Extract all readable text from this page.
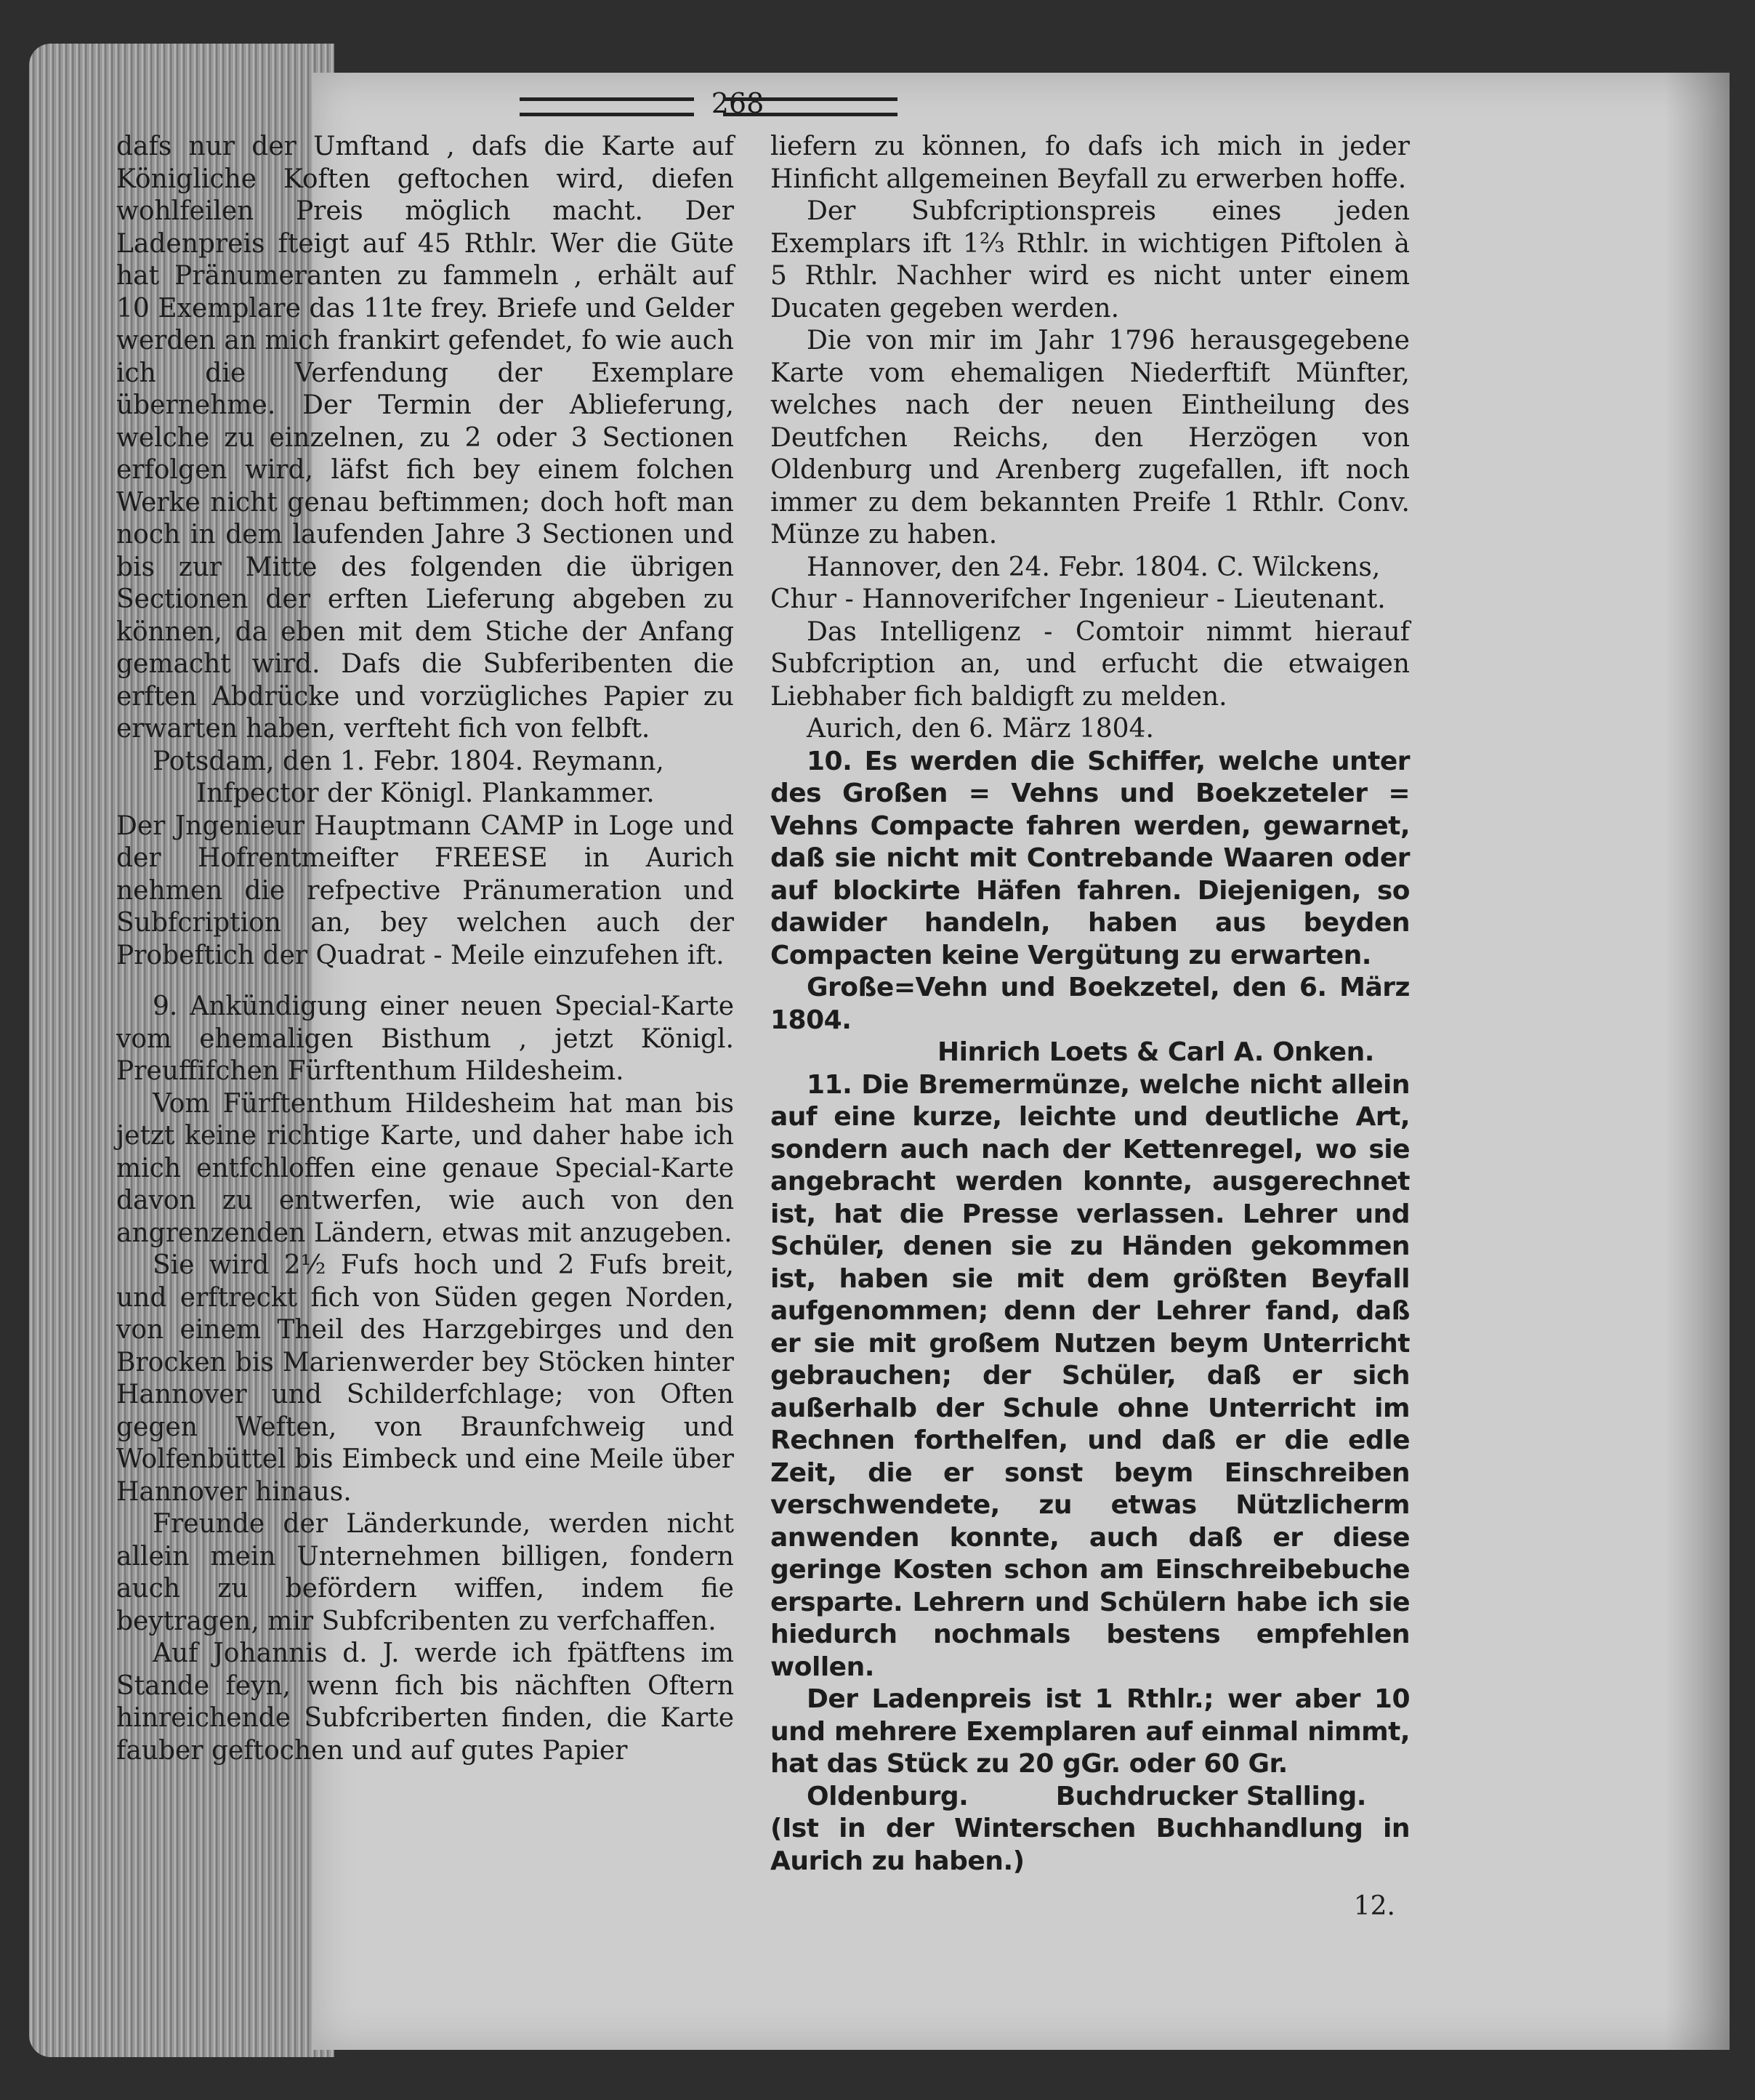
268

dafs nur der Umftand , dafs die Karte auf Königliche Koften geftochen wird, diefen wohlfeilen Preis möglich macht. Der Ladenpreis fteigt auf 45 Rthlr. Wer die Güte hat Pränumeranten zu fammeln , erhält auf 10 Exemplare das 11te frey. Briefe und Gelder werden an mich frankirt gefendet, fo wie auch ich die Verfendung der Exemplare übernehme. Der Termin der Ablieferung, welche zu einzelnen, zu 2 oder 3 Sectionen erfolgen wird, läfst fich bey einem folchen Werke nicht genau beftimmen; doch hoft man noch in dem laufenden Jahre 3 Sectionen und bis zur Mitte des folgenden die übrigen Sectionen der erften Lieferung abgeben zu können, da eben mit dem Stiche der Anfang gemacht wird. Dafs die Subferibenten die erften Abdrücke und vorzügliches Papier zu erwarten haben, verfteht fich von felbft.

Potsdam, den 1. Febr. 1804. Reymann,

Infpector der Königl. Plankammer.

Der Jngenieur Hauptmann CAMP in Loge und der Hofrentmeifter FREESE in Aurich nehmen die refpective Pränumeration und Subfcription an, bey welchen auch der Probeftich der Quadrat - Meile einzufehen ift.

9. Ankündigung einer neuen Special-Karte vom ehemaligen Bisthum , jetzt Königl. Preuffifchen Fürftenthum Hildesheim.

Vom Fürftenthum Hildesheim hat man bis jetzt keine richtige Karte, und daher habe ich mich entfchloffen eine genaue Special-Karte davon zu entwerfen, wie auch von den angrenzenden Ländern, etwas mit anzugeben.

Sie wird 2½ Fufs hoch und 2 Fufs breit, und erftreckt fich von Süden gegen Norden, von einem Theil des Harzgebirges und den Brocken bis Marienwerder bey Stöcken hinter Hannover und Schilderfchlage; von Often gegen Weften, von Braunfchweig und Wolfenbüttel bis Eimbeck und eine Meile über Hannover hinaus.

Freunde der Länderkunde, werden nicht allein mein Unternehmen billigen, fondern auch zu befördern wiffen, indem fie beytragen, mir Subfcribenten zu verfchaffen.

Auf Johannis d. J. werde ich fpätftens im Stande feyn, wenn fich bis nächften Oftern hinreichende Subfcriberten finden, die Karte fauber geftochen und auf gutes Papier

liefern zu können, fo dafs ich mich in jeder Hinficht allgemeinen Beyfall zu erwerben hoffe.

Der Subfcriptionspreis eines jeden Exemplars ift 1⅔ Rthlr. in wichtigen Piftolen à 5 Rthlr. Nachher wird es nicht unter einem Ducaten gegeben werden.

Die von mir im Jahr 1796 herausgegebene Karte vom ehemaligen Niederftift Münfter, welches nach der neuen Eintheilung des Deutfchen Reichs, den Herzögen von Oldenburg und Arenberg zugefallen, ift noch immer zu dem bekannten Preife 1 Rthlr. Conv. Münze zu haben.

Hannover, den 24. Febr. 1804. C. Wilckens,

Chur - Hannoverifcher Ingenieur - Lieutenant.

Das Intelligenz - Comtoir nimmt hierauf Subfcription an, und erfucht die etwaigen Liebhaber fich baldigft zu melden.

Aurich, den 6. März 1804.

10. Es werden die Schiffer, welche unter des Großen = Vehns und Boekzeteler = Vehns Compacte fahren werden, gewarnet, daß sie nicht mit Contrebande Waaren oder auf blockirte Häfen fahren. Diejenigen, so dawider handeln, haben aus beyden Compacten keine Vergütung zu erwarten.

Große=Vehn und Boekzetel, den 6. März 1804.

Hinrich Loets & Carl A. Onken.

11. Die Bremermünze, welche nicht allein auf eine kurze, leichte und deutliche Art, sondern auch nach der Kettenregel, wo sie angebracht werden konnte, ausgerechnet ist, hat die Presse verlassen. Lehrer und Schüler, denen sie zu Händen gekommen ist, haben sie mit dem größten Beyfall aufgenommen; denn der Lehrer fand, daß er sie mit großem Nutzen beym Unterricht gebrauchen; der Schüler, daß er sich außerhalb der Schule ohne Unterricht im Rechnen forthelfen, und daß er die edle Zeit, die er sonst beym Einschreiben verschwendete, zu etwas Nützlicherm anwenden konnte, auch daß er diese geringe Kosten schon am Einschreibebuche ersparte. Lehrern und Schülern habe ich sie hiedurch nochmals bestens empfehlen wollen.

Der Ladenpreis ist 1 Rthlr.; wer aber 10 und mehrere Exemplaren auf einmal nimmt, hat das Stück zu 20 gGr. oder 60 Gr.

Oldenburg.          Buchdrucker Stalling.

(Ist in der Winterschen Buchhandlung in Aurich zu haben.)

12.
